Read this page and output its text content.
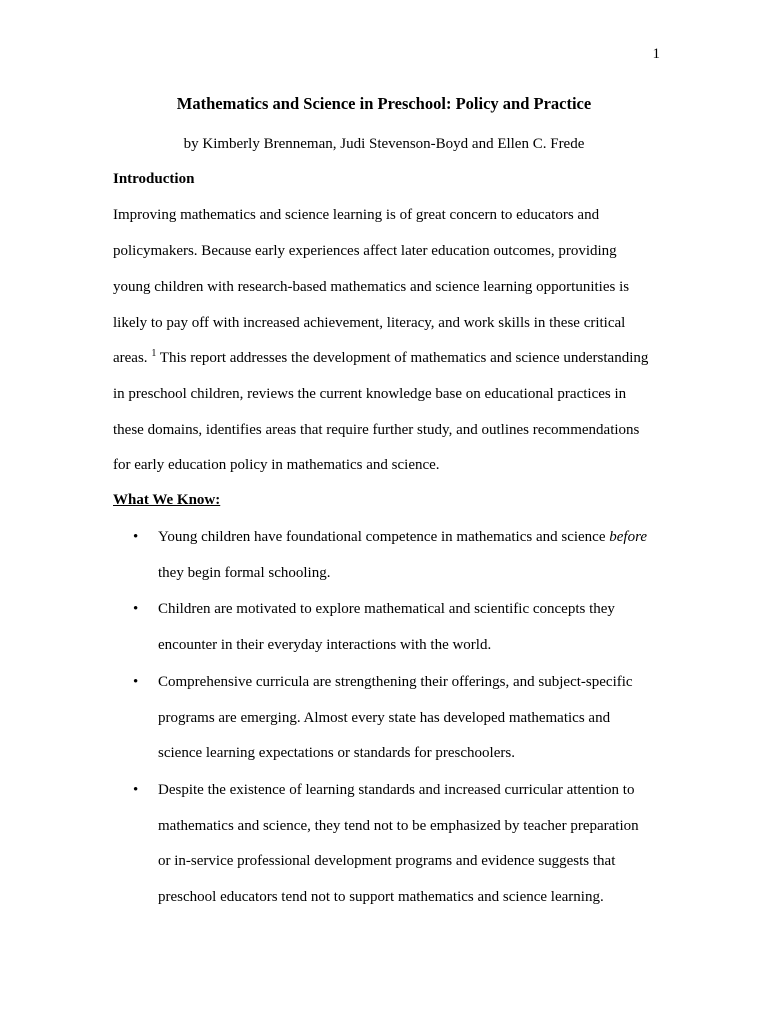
1
Mathematics and Science in Preschool: Policy and Practice
by Kimberly Brenneman, Judi Stevenson-Boyd and Ellen C. Frede
Introduction
Improving mathematics and science learning is of great concern to educators and
policymakers. Because early experiences affect later education outcomes, providing
young children with research-based mathematics and science learning opportunities is
likely to pay off with increased achievement, literacy, and work skills in these critical
areas. $^1$ This report addresses the development of mathematics and science understanding
in preschool children, reviews the current knowledge base on educational practices in
these domains, identifies areas that require further study, and outlines recommendations
for early education policy in mathematics and science.
What We Know:
• Young children have foundational competence in mathematics and science before
they begin formal schooling.
• Children are motivated to explore mathematical and scientific concepts they
encounter in their everyday interactions with the world.
• Comprehensive curricula are strengthening their offerings, and subject-specific
programs are emerging. Almost every state has developed mathematics and
science learning expectations or standards for preschoolers.
• Despite the existence of learning standards and increased curricular attention to
mathematics and science, they tend not to be emphasized by teacher preparation
or in-service professional development programs and evidence suggests that
preschool educators tend not to support mathematics and science learning.
